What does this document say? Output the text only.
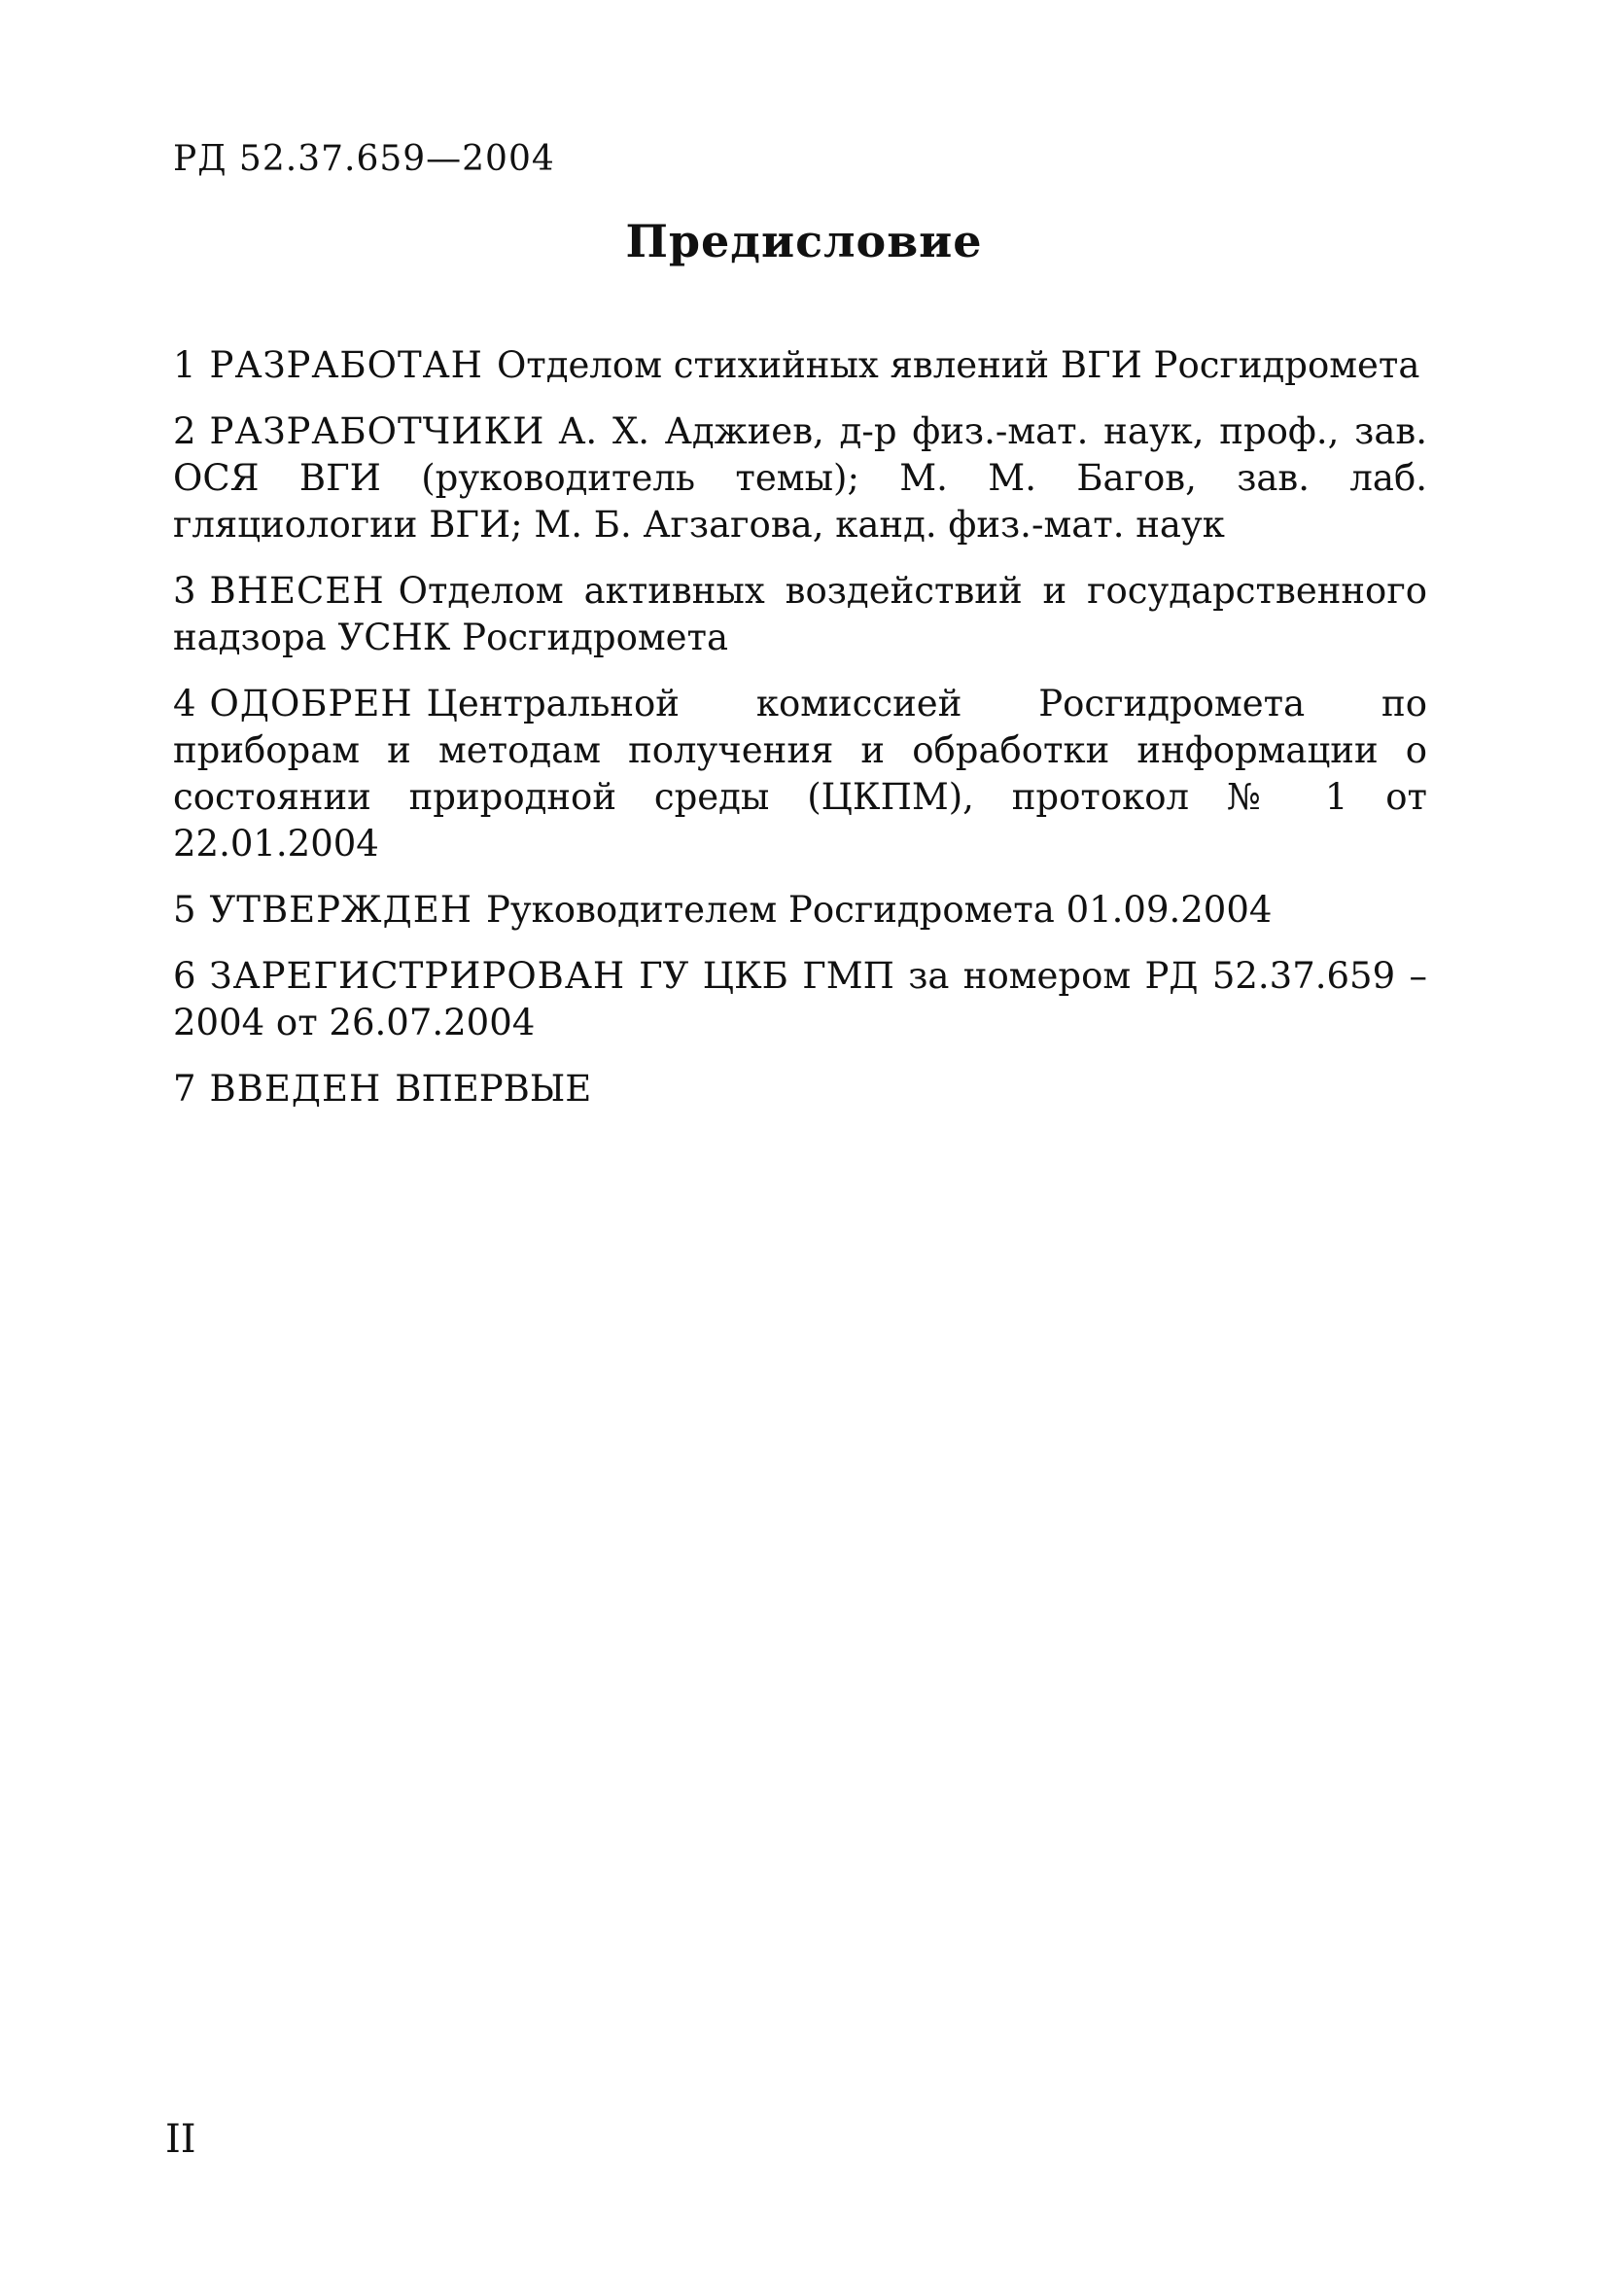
РД 52.37.659—2004
Предисловие

1 РАЗРАБОТАН Отделом стихийных явлений ВГИ Росгидромета

2 РАЗРАБОТЧИКИ А. Х. Аджиев, д-р физ.-мат. наук, проф., зав. ОСЯ ВГИ (руководитель темы); М. М. Багов, зав. лаб. гляциологии ВГИ; М. Б. Агзагова, канд. физ.-мат. наук

3 ВНЕСЕН Отделом активных воздействий и государственного надзора УСНК Росгидромета

4 ОДОБРЕН Центральной комиссией Росгидромета по приборам и методам получения и обработки информации о состоянии природной среды (ЦКПМ), протокол № 1 от 22.01.2004

5 УТВЕРЖДЕН Руководителем Росгидромета 01.09.2004

6 ЗАРЕГИСТРИРОВАН ГУ ЦКБ ГМП за номером РД 52.37.659 –2004 от 26.07.2004

7 ВВЕДЕН ВПЕРВЫЕ

II
